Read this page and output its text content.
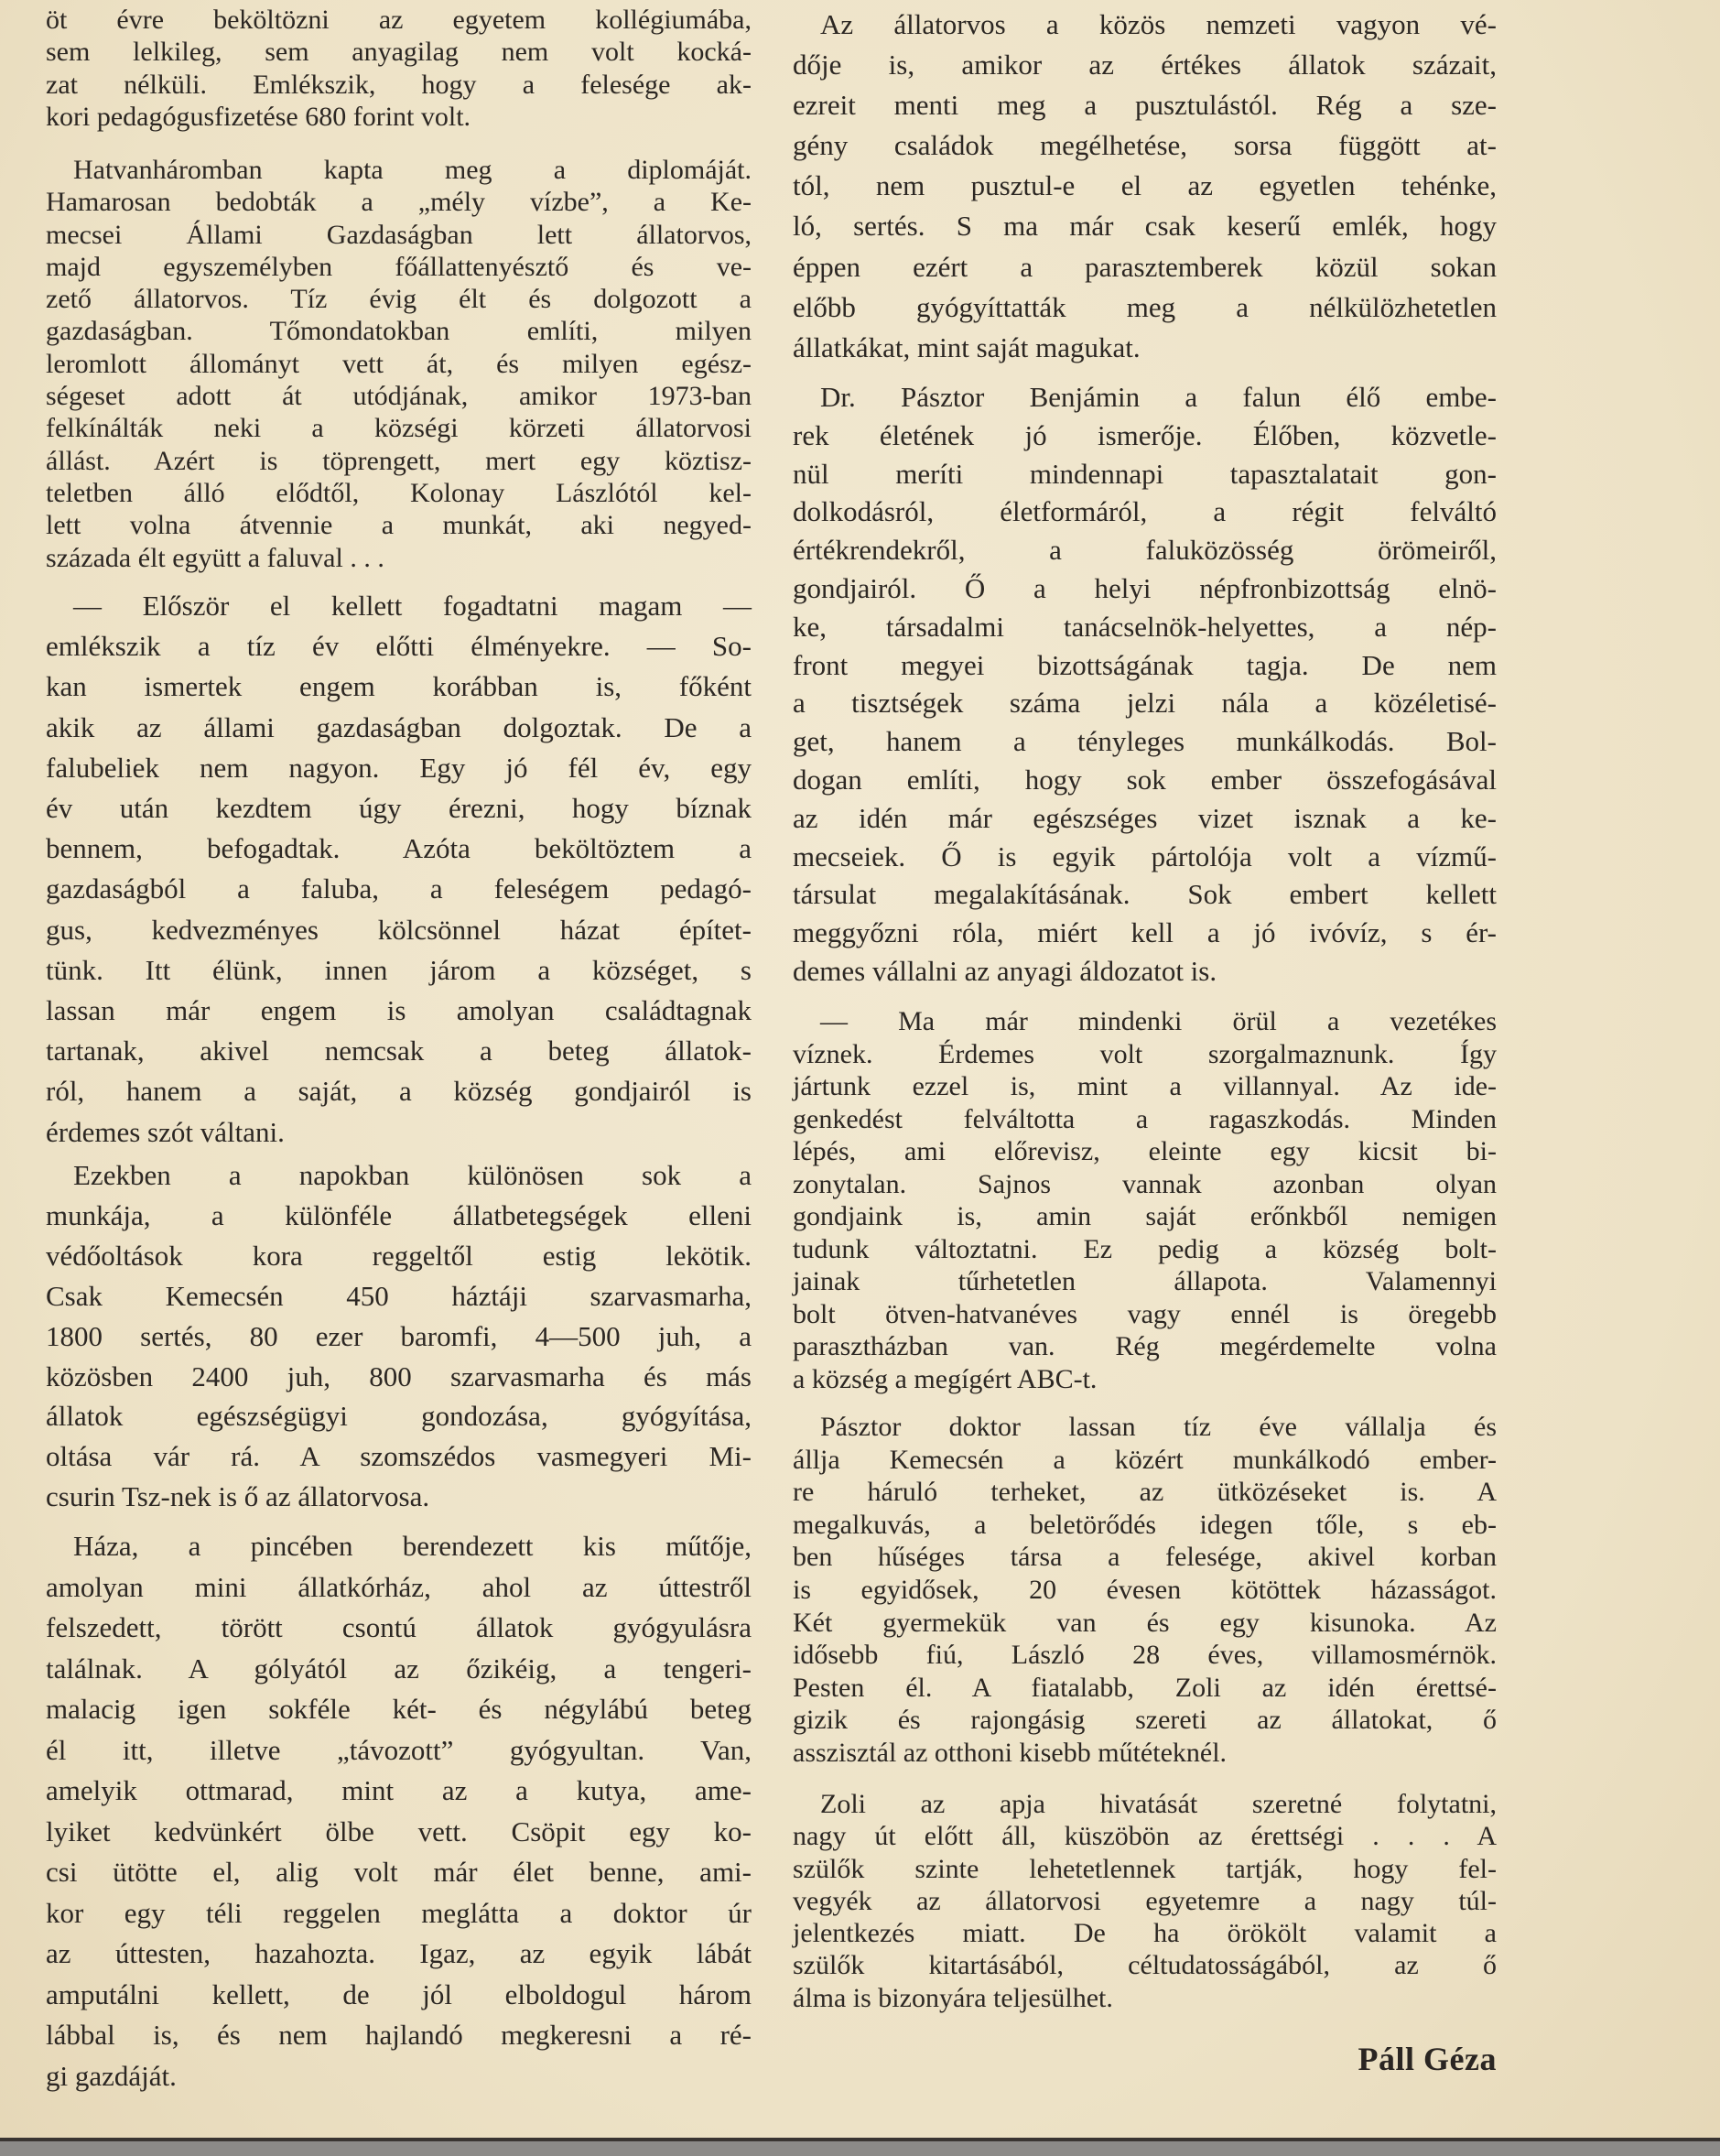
öt évre beköltözni az egyetem kollégiumába,
sem lelkileg, sem anyagilag nem volt kocká-
zat nélküli. Emlékszik, hogy a felesége ak-
kori pedagógusfizetése 680 forint volt.
Hatvanháromban kapta meg a diplomáját.
Hamarosan bedobták a „mély vízbe”, a Ke-
mecsei Állami Gazdaságban lett állatorvos,
majd egyszemélyben főállattenyésztő és ve-
zető állatorvos. Tíz évig élt és dolgozott a
gazdaságban. Tőmondatokban említi, milyen
leromlott állományt vett át, és milyen egész-
ségeset adott át utódjának, amikor 1973-ban
felkínálták neki a községi körzeti állatorvosi
állást. Azért is töprengett, mert egy köztisz-
teletben álló elődtől, Kolonay Lászlótól kel-
lett volna átvennie a munkát, aki negyed-
százada élt együtt a faluval . . .
— Először el kellett fogadtatni magam —
emlékszik a tíz év előtti élményekre. — So-
kan ismertek engem korábban is, főként
akik az állami gazdaságban dolgoztak. De a
falubeliek nem nagyon. Egy jó fél év, egy
év után kezdtem úgy érezni, hogy bíznak
bennem, befogadtak. Azóta beköltöztem a
gazdaságból a faluba, a feleségem pedagó-
gus, kedvezményes kölcsönnel házat építet-
tünk. Itt élünk, innen járom a községet, s
lassan már engem is amolyan családtagnak
tartanak, akivel nemcsak a beteg állatok-
ról, hanem a saját, a község gondjairól is
érdemes szót váltani.
Ezekben a napokban különösen sok a
munkája, a különféle állatbetegségek elleni
védőoltások kora reggeltől estig lekötik.
Csak Kemecsén 450 háztáji szarvasmarha,
1800 sertés, 80 ezer baromfi, 4—500 juh, a
közösben 2400 juh, 800 szarvasmarha és más
állatok egészségügyi gondozása, gyógyítása,
oltása vár rá. A szomszédos vasmegyeri Mi-
csurin Tsz-nek is ő az állatorvosa.
Háza, a pincében berendezett kis műtője,
amolyan mini állatkórház, ahol az úttestről
felszedett, törött csontú állatok gyógyulásra
találnak. A gólyától az őzikéig, a tengeri-
malacig igen sokféle két- és négylábú beteg
él itt, illetve „távozott” gyógyultan. Van,
amelyik ottmarad, mint az a kutya, ame-
lyiket kedvünkért ölbe vett. Csöpit egy ko-
csi ütötte el, alig volt már élet benne, ami-
kor egy téli reggelen meglátta a doktor úr
az úttesten, hazahozta. Igaz, az egyik lábát
amputálni kellett, de jól elboldogul három
lábbal is, és nem hajlandó megkeresni a ré-
gi gazdáját.
Az állatorvos a közös nemzeti vagyon vé-
dője is, amikor az értékes állatok százait,
ezreit menti meg a pusztulástól. Rég a sze-
gény családok megélhetése, sorsa függött at-
tól, nem pusztul-e el az egyetlen tehénke,
ló, sertés. S ma már csak keserű emlék, hogy
éppen ezért a parasztemberek közül sokan
előbb gyógyíttatták meg a nélkülözhetetlen
állatkákat, mint saját magukat.
Dr. Pásztor Benjámin a falun élő embe-
rek életének jó ismerője. Élőben, közvetle-
nül meríti mindennapi tapasztalatait gon-
dolkodásról, életformáról, a régit felváltó
értékrendekről, a faluközösség örömeiről,
gondjairól. Ő a helyi népfronbizottság elnö-
ke, társadalmi tanácselnök-helyettes, a nép-
front megyei bizottságának tagja. De nem
a tisztségek száma jelzi nála a közéletisé-
get, hanem a tényleges munkálkodás. Bol-
dogan említi, hogy sok ember összefogásával
az idén már egészséges vizet isznak a ke-
mecseiek. Ő is egyik pártolója volt a vízmű-
társulat megalakításának. Sok embert kellett
meggyőzni róla, miért kell a jó ivóvíz, s ér-
demes vállalni az anyagi áldozatot is.
— Ma már mindenki örül a vezetékes
víznek. Érdemes volt szorgalmaznunk. Így
jártunk ezzel is, mint a villannyal. Az ide-
genkedést felváltotta a ragaszkodás. Minden
lépés, ami előrevisz, eleinte egy kicsit bi-
zonytalan. Sajnos vannak azonban olyan
gondjaink is, amin saját erőnkből nemigen
tudunk változtatni. Ez pedig a község bolt-
jainak tűrhetetlen állapota. Valamennyi
bolt ötven-hatvanéves vagy ennél is öregebb
parasztházban van. Rég megérdemelte volna
a község a megígért ABC-t.
Pásztor doktor lassan tíz éve vállalja és
állja Kemecsén a közért munkálkodó ember-
re háruló terheket, az ütközéseket is. A
megalkuvás, a beletörődés idegen tőle, s eb-
ben hűséges társa a felesége, akivel korban
is egyidősek, 20 évesen kötöttek házasságot.
Két gyermekük van és egy kisunoka. Az
idősebb fiú, László 28 éves, villamosmérnök.
Pesten él. A fiatalabb, Zoli az idén érettsé-
gizik és rajongásig szereti az állatokat, ő
asszisztál az otthoni kisebb műtéteknél.
Zoli az apja hivatását szeretné folytatni,
nagy út előtt áll, küszöbön az érettségi . . . A
szülők szinte lehetetlennek tartják, hogy fel-
vegyék az állatorvosi egyetemre a nagy túl-
jelentkezés miatt. De ha örökölt valamit a
szülők kitartásából, céltudatosságából, az ő
álma is bizonyára teljesülhet.
Páll Géza
